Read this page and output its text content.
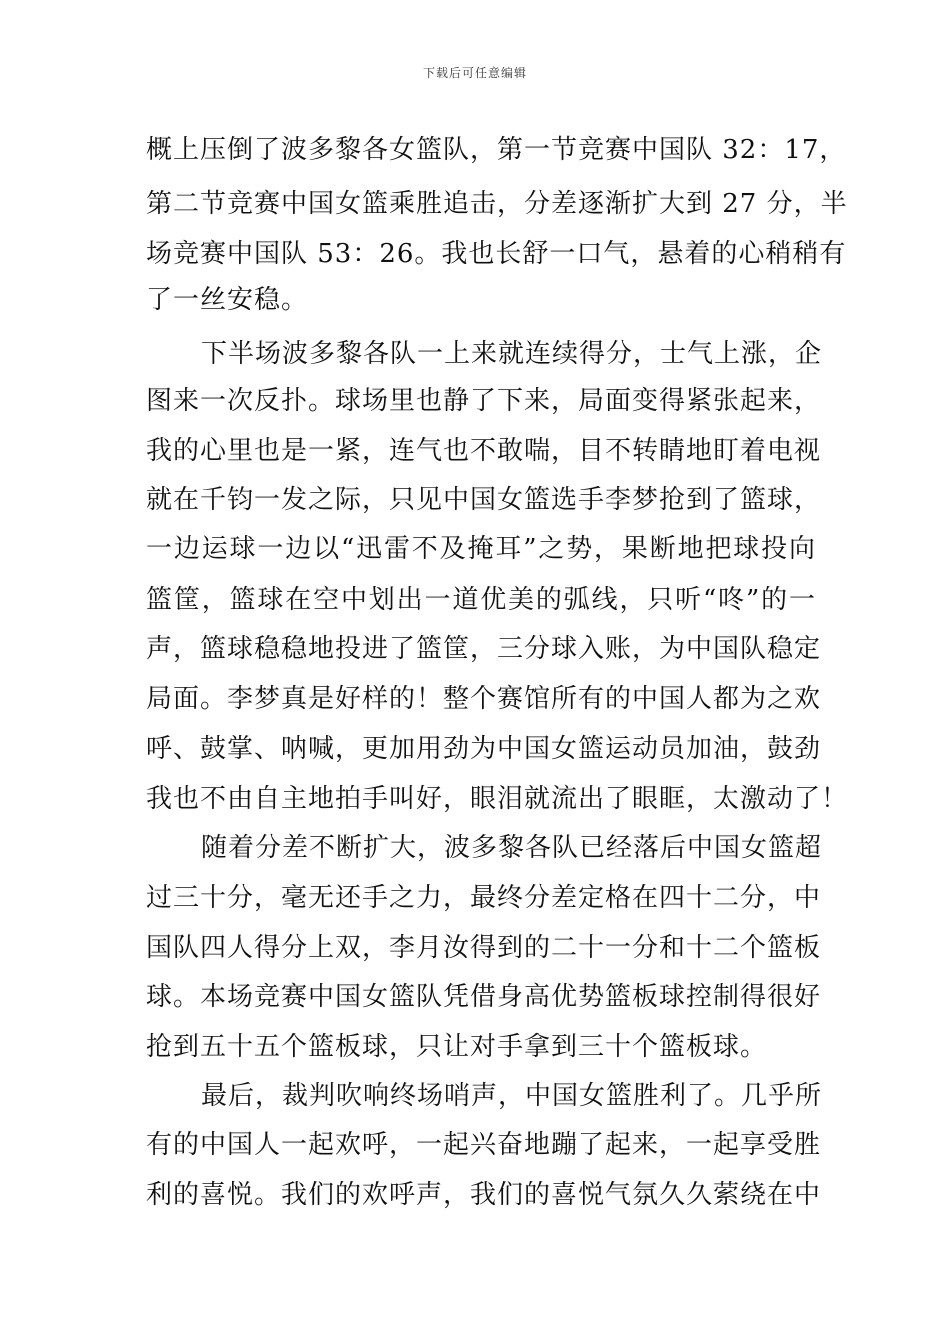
下载后可任意编辑
概上压倒了波多黎各女篮队，第一节竞赛中国队 32：17，
第二节竞赛中国女篮乘胜追击，分差逐渐扩大到 27 分，半
场竞赛中国队 53：26。我也长舒一口气，悬着的心稍稍有
了一丝安稳。
下半场波多黎各队一上来就连续得分，士气上涨，企
图来一次反扑。球场里也静了下来，局面变得紧张起来，
我的心里也是一紧，连气也不敢喘，目不转睛地盯着电视
就在千钧一发之际，只见中国女篮选手李梦抢到了篮球，
一边运球一边以“迅雷不及掩耳”之势，果断地把球投向
篮筐，篮球在空中划出一道优美的弧线，只听“咚”的一
声，篮球稳稳地投进了篮筐，三分球入账，为中国队稳定
局面。李梦真是好样的！整个赛馆所有的中国人都为之欢
呼、鼓掌、呐喊，更加用劲为中国女篮运动员加油，鼓劲
我也不由自主地拍手叫好，眼泪就流出了眼眶，太激动了！
随着分差不断扩大，波多黎各队已经落后中国女篮超
过三十分，毫无还手之力，最终分差定格在四十二分，中
国队四人得分上双，李月汝得到的二十一分和十二个篮板
球。本场竞赛中国女篮队凭借身高优势篮板球控制得很好
抢到五十五个篮板球，只让对手拿到三十个篮板球。
最后，裁判吹响终场哨声，中国女篮胜利了。几乎所
有的中国人一起欢呼，一起兴奋地蹦了起来，一起享受胜
利的喜悦。我们的欢呼声，我们的喜悦气氛久久萦绕在中
